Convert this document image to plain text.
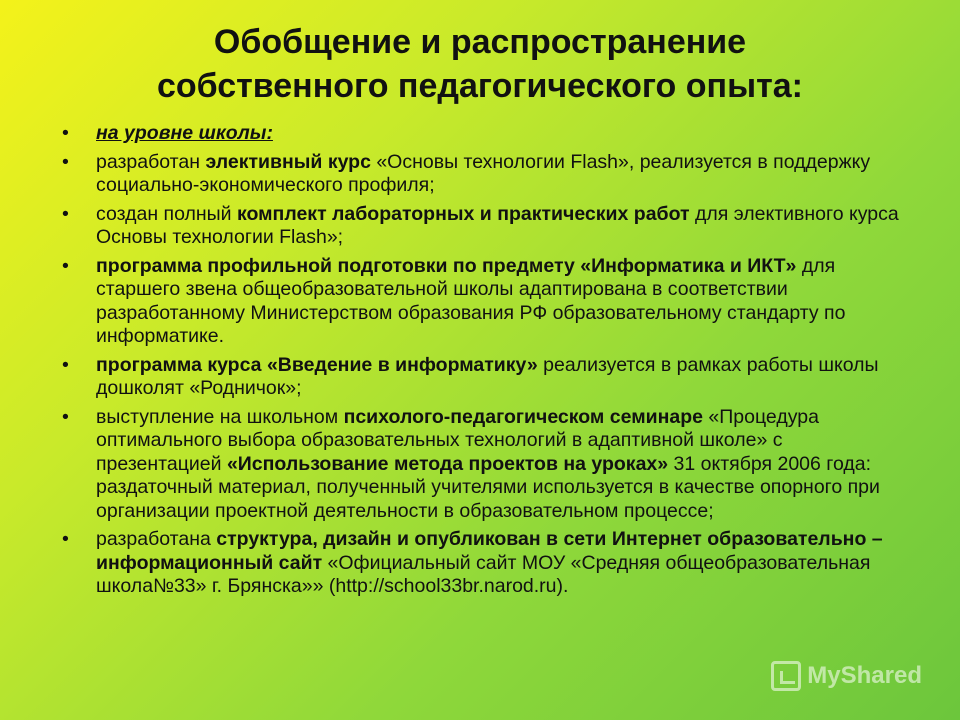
Обобщение и распространение
собственного педагогического опыта:
• на уровне школы:
• разработан элективный курс «Основы технологии Flash», реализуется в поддержку социально-экономического профиля;
• создан полный комплект лабораторных и практических работ для элективного курса Основы технологии Flash»;
• программа профильной подготовки по предмету «Информатика и ИКТ» для старшего звена общеобразовательной школы адаптирована в соответствии разработанному Министерством образования РФ образовательному стандарту по информатике.
• программа курса «Введение в информатику» реализуется в рамках работы школы дошколят «Родничок»;
• выступление на школьном психолого-педагогическом семинаре «Процедура оптимального выбора образовательных технологий в адаптивной школе» с презентацией «Использование метода проектов на уроках» 31 октября 2006 года: раздаточный материал, полученный учителями используется в качестве опорного при организации проектной деятельности в образовательном процессе;
• разработана структура, дизайн и опубликован в сети Интернет образовательно – информационный сайт «Официальный сайт МОУ «Средняя общеобразовательная школа№33» г. Брянска»» (http://school33br.narod.ru).
MyShared
